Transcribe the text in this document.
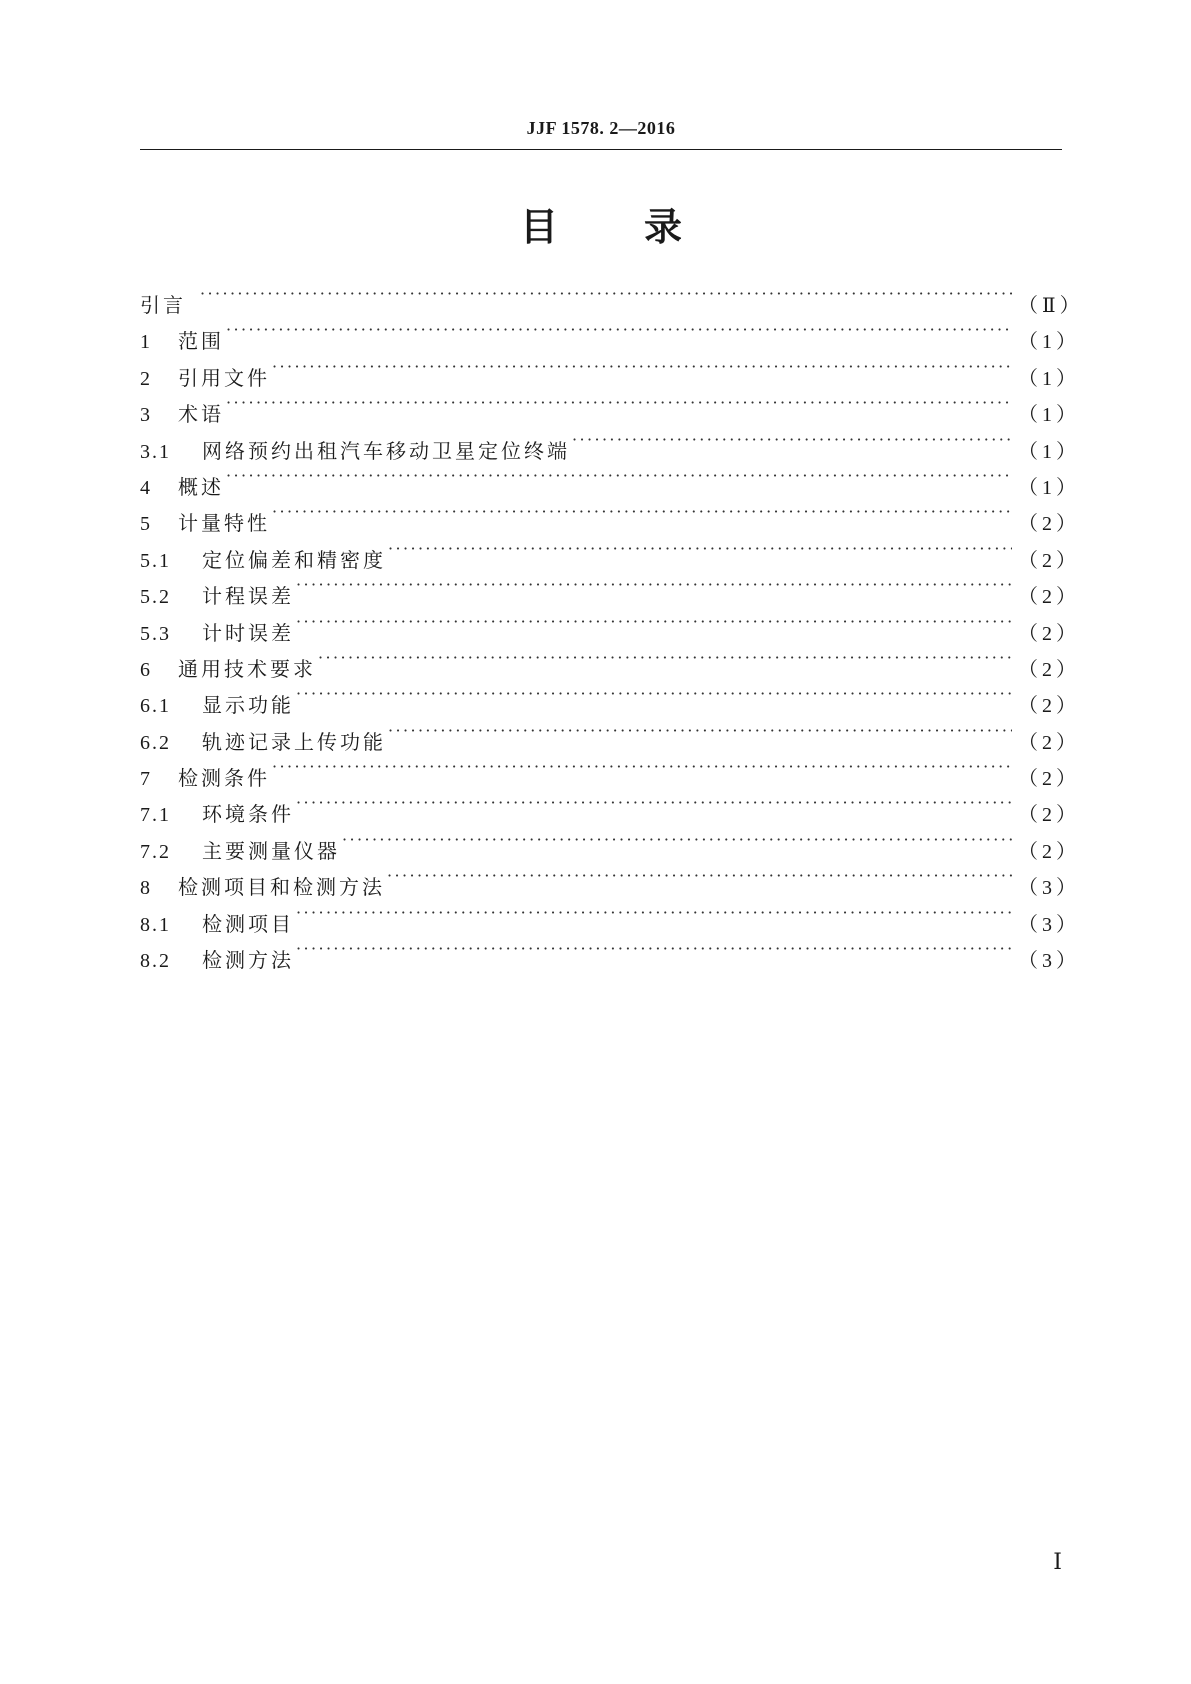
JJF 1578. 2—2016
目 录
引言 ·····	（Ⅱ）
1	范围 ·····	（1）
2	引用文件 ·····	（1）
3	术语 ·····	（1）
3.1	网络预约出租汽车移动卫星定位终端 ·····	（1）
4	概述 ·····	（1）
5	计量特性 ·····	（2）
5.1	定位偏差和精密度 ·····	（2）
5.2	计程误差 ·····	（2）
5.3	计时误差 ·····	（2）
6	通用技术要求 ·····	（2）
6.1	显示功能 ·····	（2）
6.2	轨迹记录上传功能 ·····	（2）
7	检测条件 ·····	（2）
7.1	环境条件 ·····	（2）
7.2	主要测量仪器 ·····	（2）
8	检测项目和检测方法 ·····	（3）
8.1	检测项目 ·····	（3）
8.2	检测方法 ·····	（3）
Ⅰ
